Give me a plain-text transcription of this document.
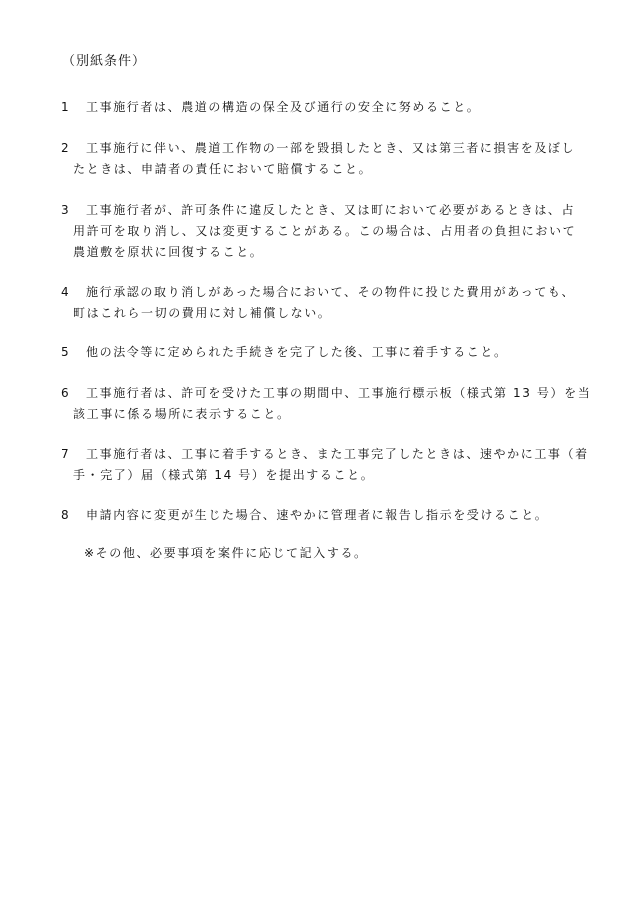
（別紙条件）
1 工事施行者は、農道の構造の保全及び通行の安全に努めること。
2 工事施行に伴い、農道工作物の一部を毀損したとき、又は第三者に損害を及ぼし
たときは、申請者の責任において賠償すること。
3 工事施行者が、許可条件に違反したとき、又は町において必要があるときは、占
用許可を取り消し、又は変更することがある。この場合は、占用者の負担において
農道敷を原状に回復すること。
4 施行承認の取り消しがあった場合において、その物件に投じた費用があっても、
町はこれら一切の費用に対し補償しない。
5 他の法令等に定められた手続きを完了した後、工事に着手すること。
6 工事施行者は、許可を受けた工事の期間中、工事施行標示板（様式第 13 号）を当
該工事に係る場所に表示すること。
7 工事施行者は、工事に着手するとき、また工事完了したときは、速やかに工事（着
手・完了）届（様式第 14 号）を提出すること。
8 申請内容に変更が生じた場合、速やかに管理者に報告し指示を受けること。
※その他、必要事項を案件に応じて記入する。
